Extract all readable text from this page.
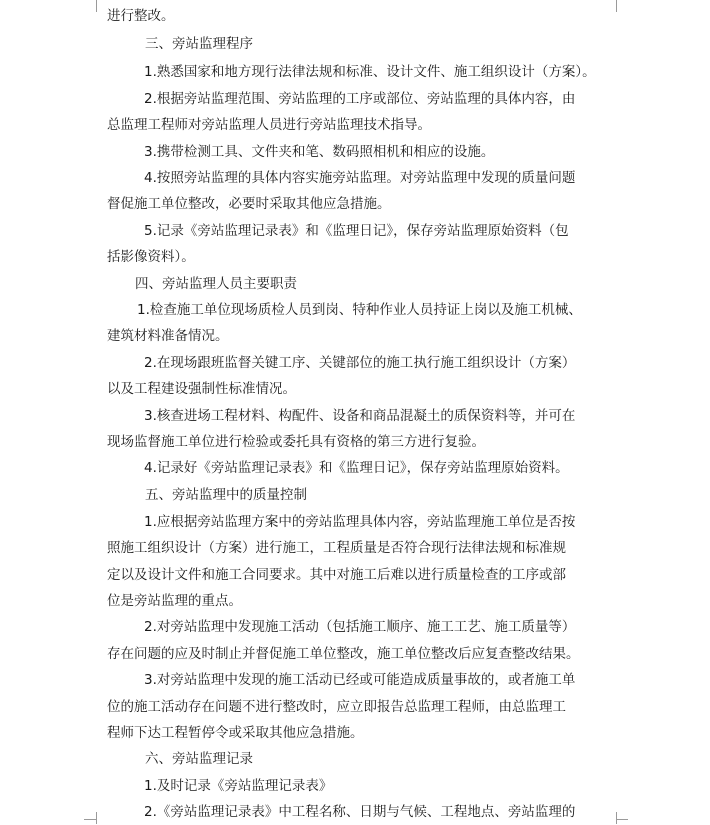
进行整改。
三、旁站监理程序
1.熟悉国家和地方现行法律法规和标准、设计文件、施工组织设计（方案）。
2.根据旁站监理范围、旁站监理的工序或部位、旁站监理的具体内容，由
总监理工程师对旁站监理人员进行旁站监理技术指导。
3.携带检测工具、文件夹和笔、数码照相机和相应的设施。
4.按照旁站监理的具体内容实施旁站监理。对旁站监理中发现的质量问题
督促施工单位整改，必要时采取其他应急措施。
5.记录《旁站监理记录表》和《监理日记》，保存旁站监理原始资料（包
括影像资料）。
四、旁站监理人员主要职责
1.检查施工单位现场质检人员到岗、特种作业人员持证上岗以及施工机械、
建筑材料准备情况。
2.在现场跟班监督关键工序、关键部位的施工执行施工组织设计（方案）
以及工程建设强制性标准情况。
3.核查进场工程材料、构配件、设备和商品混凝土的质保资料等，并可在
现场监督施工单位进行检验或委托具有资格的第三方进行复验。
4.记录好《旁站监理记录表》和《监理日记》，保存旁站监理原始资料。
五、旁站监理中的质量控制
1.应根据旁站监理方案中的旁站监理具体内容，旁站监理施工单位是否按
照施工组织设计（方案）进行施工，工程质量是否符合现行法律法规和标准规
定以及设计文件和施工合同要求。其中对施工后难以进行质量检查的工序或部
位是旁站监理的重点。
2.对旁站监理中发现施工活动（包括施工顺序、施工工艺、施工质量等）
存在问题的应及时制止并督促施工单位整改，施工单位整改后应复查整改结果。
3.对旁站监理中发现的施工活动已经或可能造成质量事故的，或者施工单
位的施工活动存在问题不进行整改时，应立即报告总监理工程师，由总监理工
程师下达工程暂停令或采取其他应急措施。
六、旁站监理记录
1.及时记录《旁站监理记录表》
2.《旁站监理记录表》中工程名称、日期与气候、工程地点、旁站监理的
